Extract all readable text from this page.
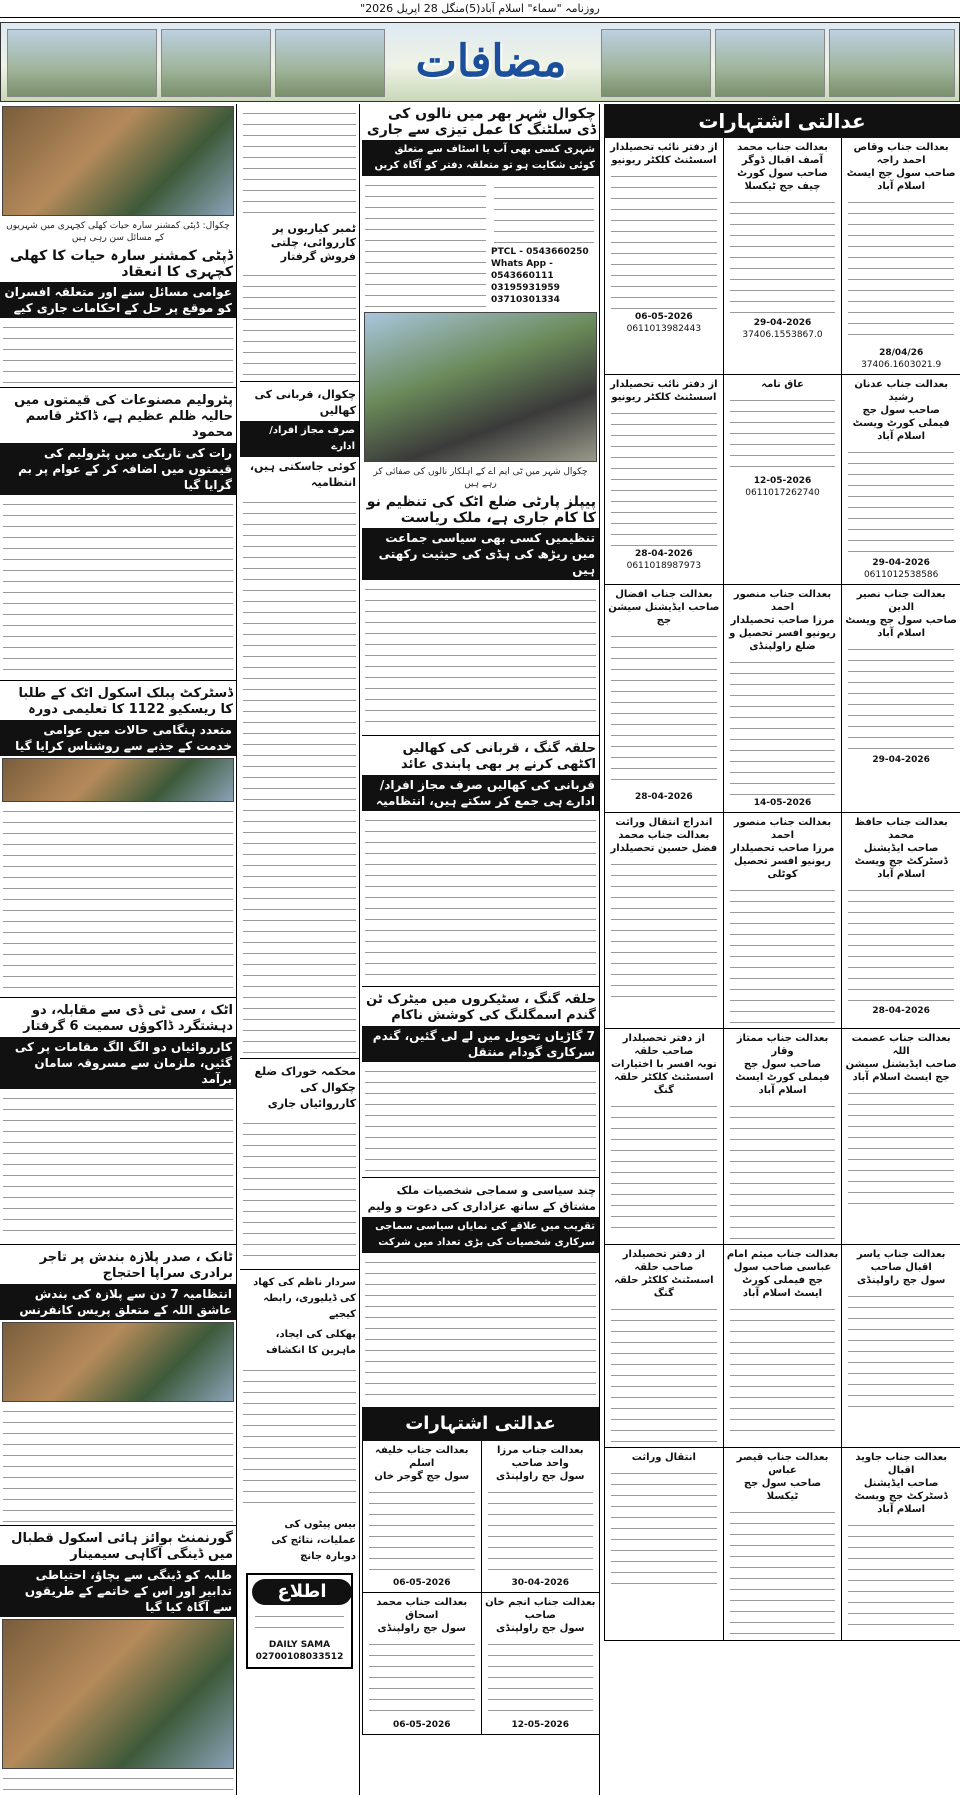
روزنامہ "سماء" اسلام آباد(5)منگل 28 اپریل 2026"
مضافات
چکوال: ڈپٹی کمشنر سارہ حیات کھلی کچہری میں شہریوں کے مسائل سن رہی ہیں
ڈپٹی کمشنر سارہ حیات کا کھلی کچہری کا انعقاد
عوامی مسائل سنے اور متعلقہ افسران کو موقع پر حل کے احکامات جاری کیے
پٹرولیم مصنوعات کی قیمتوں میں حالیہ ظلم عظیم ہے، ڈاکٹر قاسم محمود
رات کی تاریکی میں پٹرولیم کی قیمتوں میں اضافہ کر کے عوام پر بم گرایا گیا
ڈسٹرکٹ پبلک اسکول اٹک کے طلبا کا ریسکیو 1122 کا تعلیمی دورہ
متعدد ہنگامی حالات میں عوامی خدمت کے جذبے سے روشناس کرایا گیا
اٹک ، سی ٹی ڈی سے مقابلہ، دو دہشتگرد ڈاکوؤں سمیت 6 گرفتار
کارروائیاں دو الگ الگ مقامات پر کی گئیں، ملزمان سے مسروقہ سامان برآمد
ٹانک ، صدر پلازہ بندش پر تاجر برادری سراپا احتجاج
انتظامیہ 7 دن سے پلازہ کی بندش عاشق اللہ کے متعلق پریس کانفرنس
گورنمنٹ بوائز ہائی اسکول قطبال میں ڈینگی آگاہی سیمینار
طلبہ کو ڈینگی سے بچاؤ، احتیاطی تدابیر اور اس کے خاتمے کے طریقوں سے آگاہ کیا گیا
ٹمبر کیاریوں پر کارروائی، چلتی فروش گرفتار
چکوال، قربانی کی کھالیں
صرف مجاز افراد/ ادارے
کوئی جاسکتی ہیں، انتظامیہ
محکمہ خوراک ضلع چکوال کی کارروائیاں جاری
سردار ناظم کی کھاد کی ڈیلیوری، رابطہ کیجیے
پھکلی کی ایجاد، ماہرین کا انکشاف
بیس پیٹوں کی عملیات، نتائج کی دوبارہ جانچ
اطلاع
DAILY SAMA
02700108033512
چکوال شہر بھر میں نالوں کی ڈی سلٹنگ کا عمل تیزی سے جاری
شہری کسی بھی آب یا اسٹاف سے متعلق کوئی شکایت ہو تو متعلقہ دفتر کو آگاہ کریں
PTCL - 0543660250
Whats App - 0543660111
03195931959
03710301334
چکوال شہر میں ٹی ایم اے کے اہلکار نالوں کی صفائی کر رہے ہیں
پیپلز پارٹی ضلع اٹک کی تنظیم نو کا کام جاری ہے، ملک ریاست
تنظیمیں کسی بھی سیاسی جماعت میں ریڑھ کی ہڈی کی حیثیت رکھتی ہیں
حلقہ گنگ ، قربانی کی کھالیں اکٹھی کرنے پر بھی پابندی عائد
قربانی کی کھالیں صرف مجاز افراد/ ادارے ہی جمع کر سکتے ہیں، انتظامیہ
حلقہ گنگ ، سٹیکروں میں میٹرک ٹن گندم اسمگلنگ کی کوشش ناکام
7 گاڑیاں تحویل میں لے لی گئیں، گندم سرکاری گودام منتقل
چند سیاسی و سماجی شخصیات ملک مشتاق کے ساتھ عزاداری کی دعوت و ولیم
تقریب میں علاقے کی نمایاں سیاسی سماجی سرکاری شخصیات کی بڑی تعداد میں شرکت
عدالتی اشتہارات
بعدالت جناب مرزا واحد صاحب
سول جج راولپنڈی
30-04-2026
بعدالت جناب خلیفہ اسلم
سول جج گوجر خان
06-05-2026
بعدالت جناب انجم خان صاحب
سول جج راولپنڈی
12-05-2026
بعدالت جناب محمد اسحاق
سول جج راولپنڈی
06-05-2026
عدالتی اشتہارات
بعدالت جناب وقاص احمد راجہ
صاحب سول جج ایسٹ اسلام آباد
28/04/26
37406.1603021.9
بعدالت جناب محمد آصف اقبال ڈوگر
صاحب سول کورٹ چیف جج ٹیکسلا
29-04-2026
37406.1553867.0
از دفتر نائب تحصیلدار
اسسٹنٹ کلکٹر ریونیو
06-05-2026
0611013982443
بعدالت جناب عدنان رشید
صاحب سول جج فیملی کورٹ ویسٹ اسلام آباد
29-04-2026
0611012538586
عاق نامہ
12-05-2026
0611017262740
از دفتر نائب تحصیلدار
اسسٹنٹ کلکٹر ریونیو
28-04-2026
0611018987973
بعدالت جناب نصیر الدین
صاحب سول جج ویسٹ اسلام آباد
29-04-2026
بعدالت جناب منصور احمد
مرزا صاحب تحصیلدار ریونیو افسر تحصیل و ضلع راولپنڈی
14-05-2026
بعدالت جناب افضال
صاحب ایڈیشنل سیشن جج
28-04-2026
بعدالت جناب حافظ محمد
صاحب ایڈیشنل ڈسٹرکٹ جج ویسٹ اسلام آباد
28-04-2026
بعدالت جناب منصور احمد
مرزا صاحب تحصیلدار ریونیو افسر تحصیل کوٹلی
اندراج انتقال وراثت
بعدالت جناب محمد فضل حسین تحصیلدار
بعدالت جناب عصمت اللہ
صاحب ایڈیشنل سیشن جج ایسٹ اسلام آباد
بعدالت جناب ممتاز وقار
صاحب سول جج فیملی کورٹ ایسٹ اسلام آباد
از دفتر تحصیلدار صاحب حلقہ
نوبہ افسر با اختیارات اسسٹنٹ کلکٹر حلقہ گنگ
بعدالت جناب یاسر اقبال صاحب
سول جج راولپنڈی
بعدالت جناب میثم امام
عباسی صاحب سول جج فیملی کورٹ ایسٹ اسلام آباد
از دفتر تحصیلدار صاحب حلقہ
اسسٹنٹ کلکٹر حلقہ گنگ
بعدالت جناب جاوید اقبال
صاحب ایڈیشنل ڈسٹرکٹ جج ویسٹ اسلام آباد
بعدالت جناب قیصر عباس
صاحب سول جج ٹیکسلا
انتقال وراثت
